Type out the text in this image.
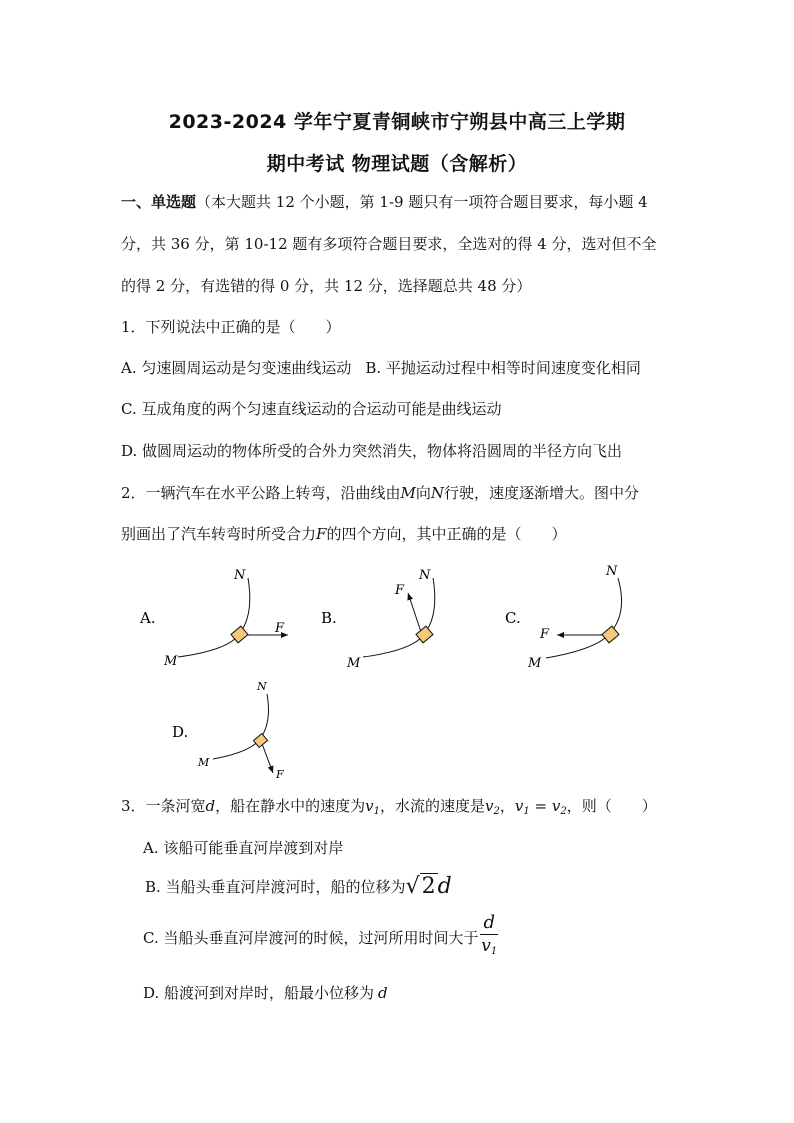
2023-2024 学年宁夏青铜峡市宁朔县中高三上学期
期中考试 物理试题（含解析）
一、单选题（本大题共 12 个小题，第 1-9 题只有一项符合题目要求，每小题 4
分，共 36 分，第 10-12 题有多项符合题目要求，全选对的得 4 分，选对但不全
的得 2 分，有选错的得 0 分，共 12 分，选择题总共 48 分）
1．下列说法中正确的是（　　）
A. 匀速圆周运动是匀变速曲线运动 B. 平抛运动过程中相等时间速度变化相同
C. 互成角度的两个匀速直线运动的合运动可能是曲线运动
D. 做圆周运动的物体所受的合外力突然消失，物体将沿圆周的半径方向飞出
2．一辆汽车在水平公路上转弯，沿曲线由M向N行驶，速度逐渐增大。图中分
别画出了汽车转弯时所受合力F的四个方向，其中正确的是（　　）
A.
N
M
F
B.
N
F
M
C.
N
F
M
D.
N
M
F
3．一条河宽d，船在静水中的速度为$v_1$，水流的速度是$v_2$，$v_1 = v_2$，则（　　）
A. 该船可能垂直河岸渡到对岸
B. 当船头垂直河岸渡河时，船的位移为√2d
C. 当船头垂直河岸渡河的时候，过河所用时间大于 $\frac{d}{v_1}$
D. 船渡河到对岸时，船最小位移为 d
